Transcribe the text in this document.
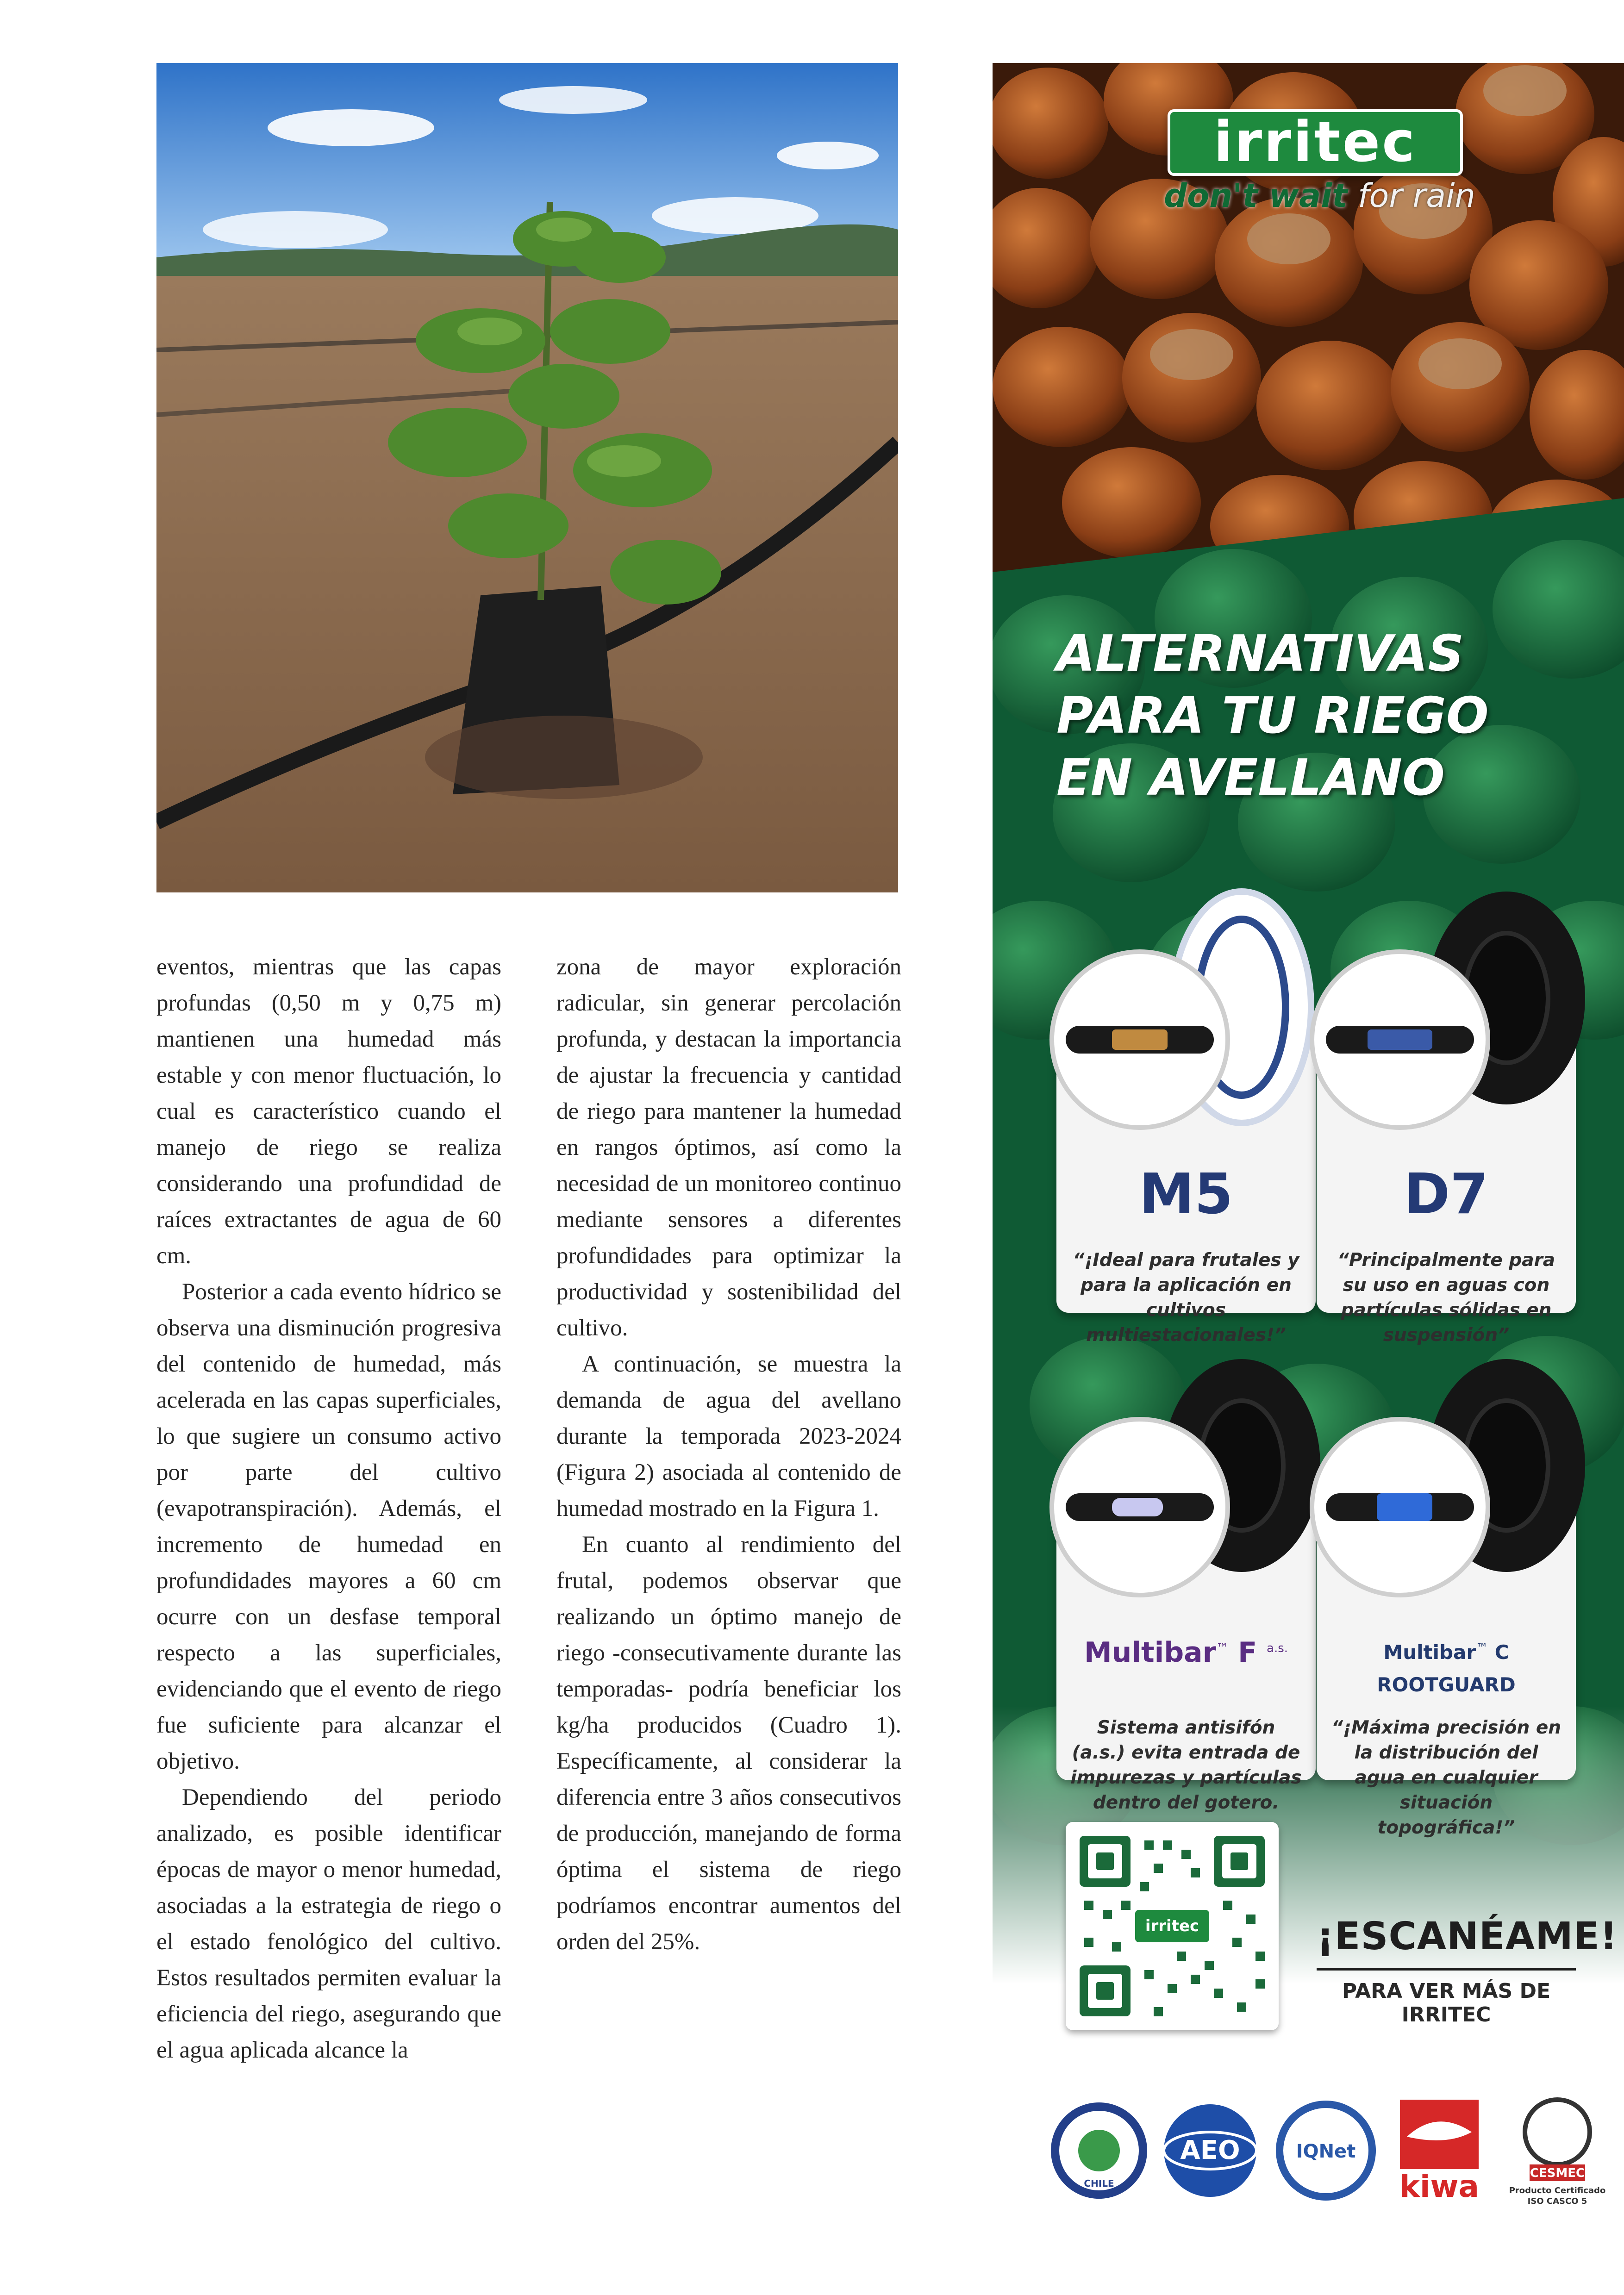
eventos, mientras que las capas profundas (0,50 m y 0,75 m) mantienen una humedad más estable y con menor fluctuación, lo cual es característico cuando el manejo de riego se realiza considerando una profundidad de raíces extractantes de agua de 60 cm.

Posterior a cada evento hídrico se observa una disminución progresiva del contenido de humedad, más acelerada en las capas superficiales, lo que sugiere un consumo activo por parte del cultivo (evapotranspiración). Además, el incremento de humedad en profundidades mayores a 60 cm ocurre con un desfase temporal respecto a las superficiales, evidenciando que el evento de riego fue suficiente para alcanzar el objetivo.

Dependiendo del periodo analizado, es posible identificar épocas de mayor o menor humedad, asociadas a la estrategia de riego o el estado fenológico del cultivo. Estos resultados permiten evaluar la eficiencia del riego, asegurando que el agua aplicada alcance la

zona de mayor exploración radicular, sin generar percolación profunda, y destacan la importancia de ajustar la frecuencia y cantidad de riego para mantener la humedad en rangos óptimos, así como la necesidad de un monitoreo continuo mediante sensores a diferentes profundidades para optimizar la productividad y sostenibilidad del cultivo.

A continuación, se muestra la demanda de agua del avellano durante la temporada 2023-2024 (Figura 2) asociada al contenido de humedad mostrado en la Figura 1.

En cuanto al rendimiento del frutal, podemos observar que realizando un óptimo manejo de riego -consecutivamente durante las temporadas- podría beneficiar los kg/ha producidos (Cuadro 1). Específicamente, al considerar la diferencia entre 3 años consecutivos de producción, manejando de forma óptima el sistema de riego podríamos encontrar aumentos del orden del 25%.

irritec
don't wait for rain
ALTERNATIVAS
PARA TU RIEGO
EN AVELLANO
M5
“¡Ideal para frutales y para la aplicación en cultivos multiestacionales!”
D7
“Principalmente para su uso en aguas con partículas sólidas en suspensión”
Multibar™ F $^{a.s.}$
Sistema antisifón (a.s.) evita entrada de impurezas y partículas dentro del gotero.
Multibar™ C ROOTGUARD
“¡Máxima precisión en la distribución del agua en cualquier situación topográfica!”
irritec	¡ESCANÉAME!
PARA VER MÁS DE IRRITEC
CHILE
AEO	IQNet
kiwa	CESMEC
Producto Certificado
ISO CASCO 5
